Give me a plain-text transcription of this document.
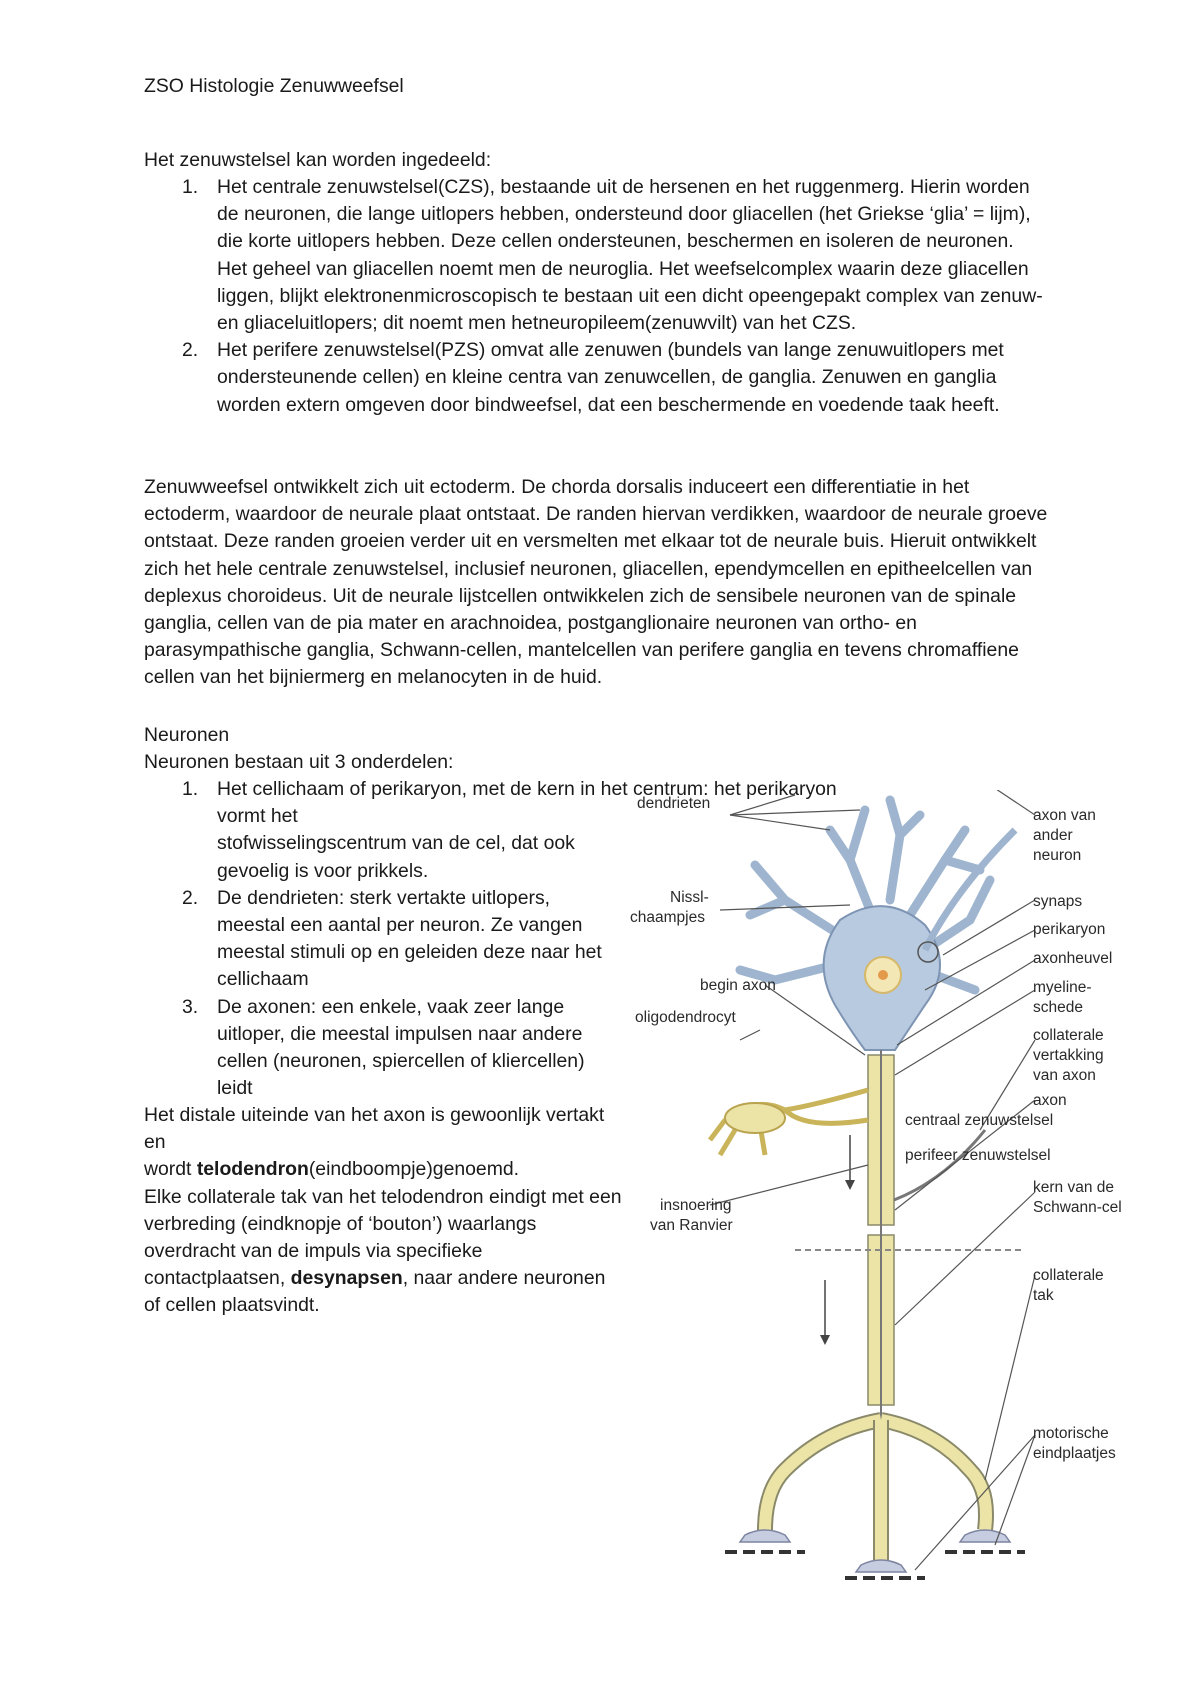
ZSO Histologie Zenuwweefsel
Het zenuwstelsel kan worden ingedeeld:
1. Het centrale zenuwstelsel(CZS), bestaande uit de hersenen en het ruggenmerg. Hierin worden de neuronen, die lange uitlopers hebben, ondersteund door gliacellen (het Griekse ‘glia’ = lijm), die korte uitlopers hebben. Deze cellen ondersteunen, beschermen en isoleren de neuronen. Het geheel van gliacellen noemt men de neuroglia. Het weefselcomplex waarin deze gliacellen liggen, blijkt elektronenmicroscopisch te bestaan uit een dicht opeengepakt complex van zenuw- en gliaceluitlopers; dit noemt men hetneuropileem(zenuwvilt) van het CZS.
2. Het perifere zenuwstelsel(PZS) omvat alle zenuwen (bundels van lange zenuwuitlopers met ondersteunende cellen) en kleine centra van zenuwcellen, de ganglia. Zenuwen en ganglia worden extern omgeven door bindweefsel, dat een beschermende en voedende taak heeft.
Zenuwweefsel ontwikkelt zich uit ectoderm. De chorda dorsalis induceert een differentiatie in het ectoderm, waardoor de neurale plaat ontstaat. De randen hiervan verdikken, waardoor de neurale groeve ontstaat. Deze randen groeien verder uit en versmelten met elkaar tot de neurale buis. Hieruit ontwikkelt zich het hele centrale zenuwstelsel, inclusief neuronen, gliacellen, ependymcellen en epitheelcellen van deplexus choroideus. Uit de neurale lijstcellen ontwikkelen zich de sensibele neuronen van de spinale ganglia, cellen van de pia mater en arachnoidea, postganglionaire neuronen van ortho- en parasympathische ganglia, Schwann-cellen, mantelcellen van perifere ganglia en tevens chromaffiene cellen van het bijniermerg en melanocyten in de huid.
Neuronen
Neuronen bestaan uit 3 onderdelen:
1. Het cellichaam of perikaryon, met de kern in het centrum: het perikaryon vormt het
stofwisselingscentrum van de cel, dat ook gevoelig is voor prikkels.
2. De dendrieten: sterk vertakte uitlopers, meestal een aantal per neuron. Ze vangen meestal stimuli op en geleiden deze naar het cellichaam
3. De axonen: een enkele, vaak zeer lange uitloper, die meestal impulsen naar andere cellen (neuronen, spiercellen of kliercellen) leidt
Het distale uiteinde van het axon is gewoonlijk vertakt en
wordt telodendron(eindboompje)genoemd.
Elke collaterale tak van het telodendron eindigt met een verbreding (eindknopje of ‘bouton’) waarlangs overdracht van de impuls via specifieke contactplaatsen, desynapsen, naar andere neuronen of cellen plaatsvindt.
dendrieten
Nissl-
chaampjes
begin axon
oligodendrocyt
insnoering
van Ranvier
axon van
ander
neuron
synaps
perikaryon
axonheuvel
myeline-
schede
collaterale
vertakking
van axon
axon
centraal zenuwstelsel
perifeer zenuwstelsel
kern van de
Schwann-cel
collaterale
tak
motorische
eindplaatjes
